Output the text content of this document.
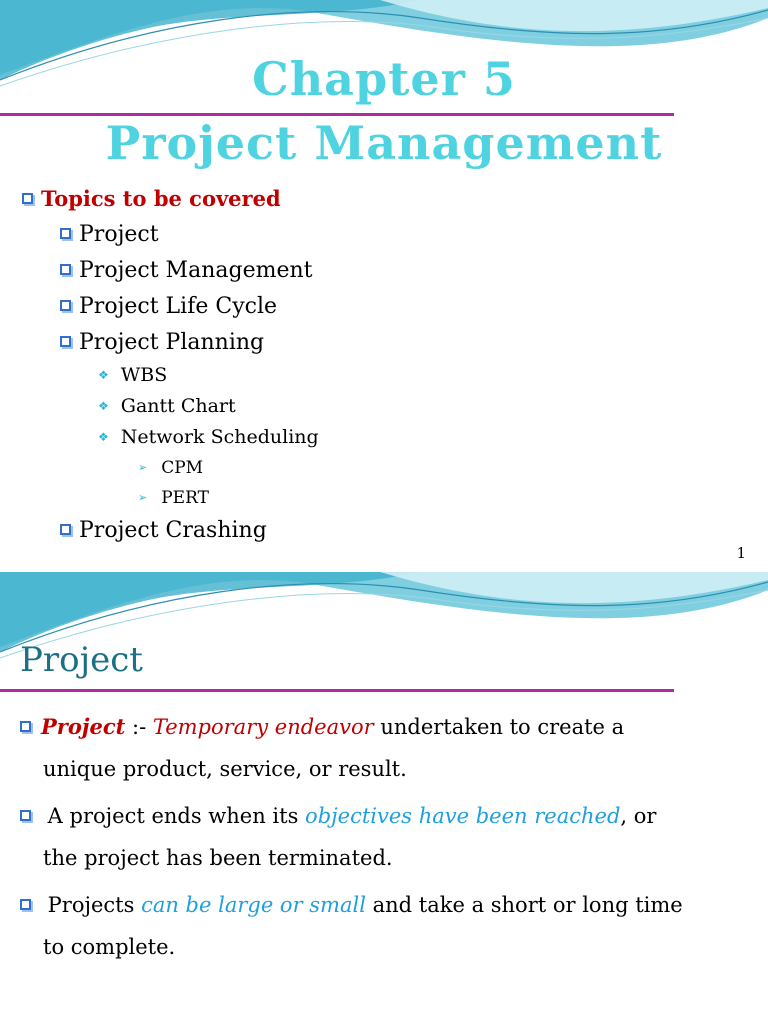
Chapter 5
Project Management
Topics to be covered
Project
Project Management
Project Life Cycle
Project Planning
❖ WBS
❖ Gantt Chart
❖ Network Scheduling
➢ CPM
➢ PERT
Project Crashing
1
Project
Project :- Temporary endeavor undertaken to create a
unique product, service, or result.
A project ends when its objectives have been reached, or
the project has been terminated.
Projects can be large or small and take a short or long time
to complete.
